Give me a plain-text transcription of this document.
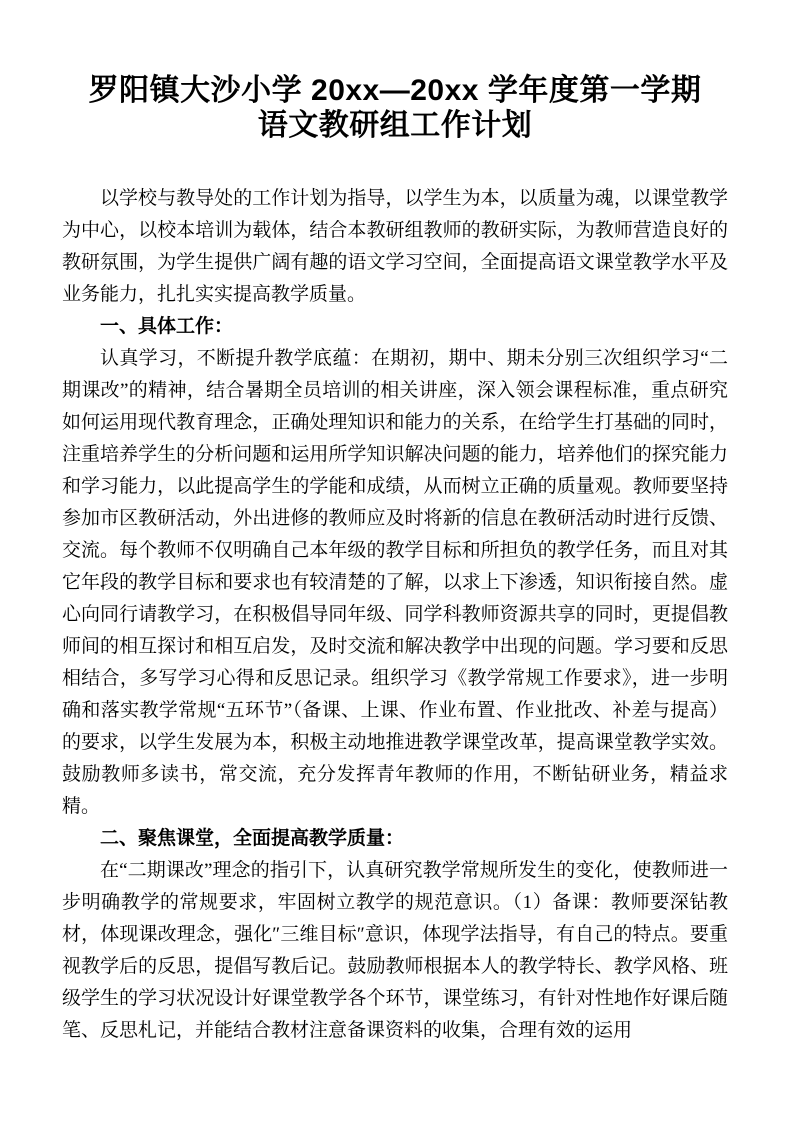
罗阳镇大沙小学 20xx—20xx 学年度第一学期
语文教研组工作计划

以学校与教导处的工作计划为指导，以学生为本，以质量为魂，以课堂教学为中心，以校本培训为载体，结合本教研组教师的教研实际，为教师营造良好的教研氛围，为学生提供广阔有趣的语文学习空间，全面提高语文课堂教学水平及业务能力，扎扎实实提高教学质量。

一、具体工作：

认真学习，不断提升教学底蕴：在期初，期中、期未分别三次组织学习“二期课改”的精神，结合暑期全员培训的相关讲座，深入领会课程标准，重点研究如何运用现代教育理念，正确处理知识和能力的关系，在给学生打基础的同时，注重培养学生的分析问题和运用所学知识解决问题的能力，培养他们的探究能力和学习能力，以此提高学生的学能和成绩，从而树立正确的质量观。教师要坚持参加市区教研活动，外出进修的教师应及时将新的信息在教研活动时进行反馈、交流。每个教师不仅明确自己本年级的教学目标和所担负的教学任务，而且对其它年段的教学目标和要求也有较清楚的了解，以求上下渗透，知识衔接自然。虚心向同行请教学习，在积极倡导同年级、同学科教师资源共享的同时，更提倡教师间的相互探讨和相互启发，及时交流和解决教学中出现的问题。学习要和反思相结合，多写学习心得和反思记录。组织学习《教学常规工作要求》，进一步明确和落实教学常规“五环节”（备课、上课、作业布置、作业批改、补差与提高）的要求，以学生发展为本，积极主动地推进教学课堂改革，提高课堂教学实效。鼓励教师多读书，常交流，充分发挥青年教师的作用，不断钻研业务，精益求精。

二、聚焦课堂，全面提高教学质量：

在“二期课改”理念的指引下，认真研究教学常规所发生的变化，使教师进一步明确教学的常规要求，牢固树立教学的规范意识。（1）备课：教师要深钻教材，体现课改理念，强化″三维目标″意识，体现学法指导，有自己的特点。要重视教学后的反思，提倡写教后记。鼓励教师根据本人的教学特长、教学风格、班级学生的学习状况设计好课堂教学各个环节，课堂练习，有针对性地作好课后随笔、反思札记，并能结合教材注意备课资料的收集，合理有效的运用
